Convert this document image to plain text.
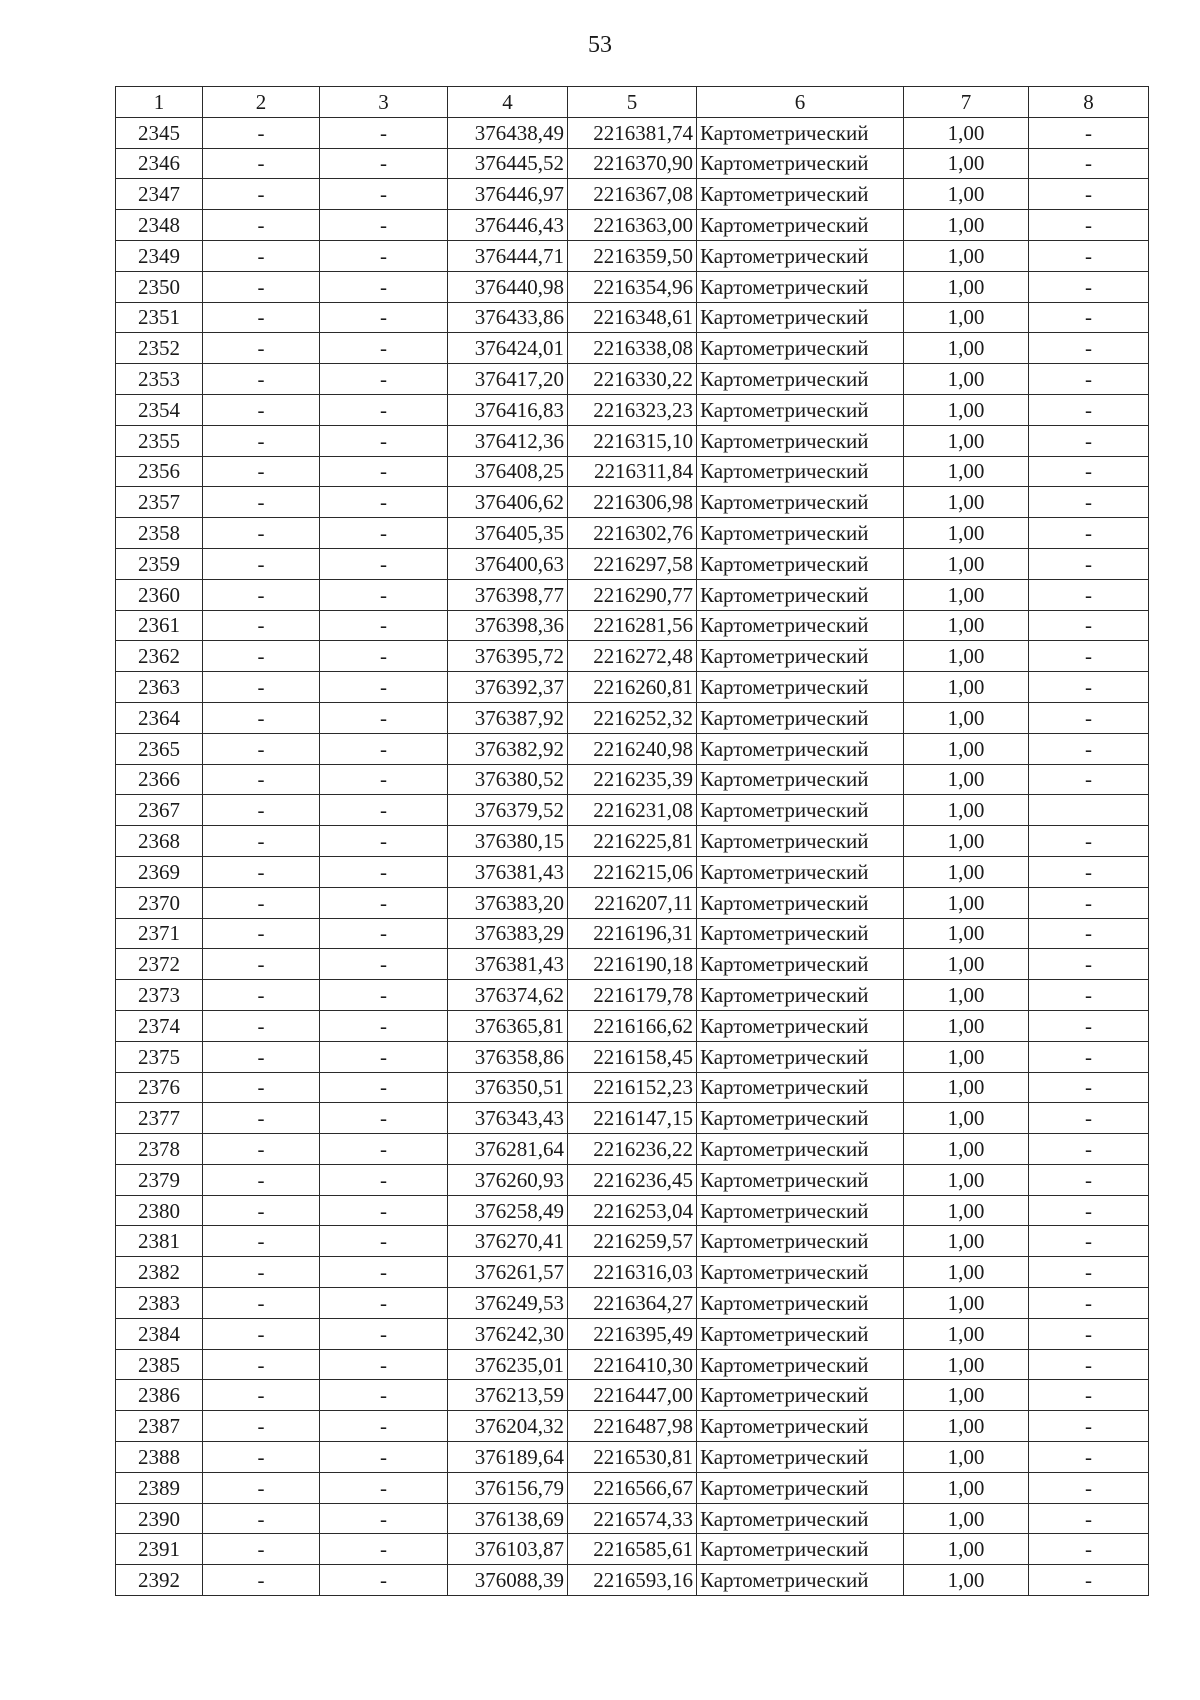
53
1	2	3	4	5	6	7	8
2345	-	-	376438,49	2216381,74	Картометрический	1,00	-
2346	-	-	376445,52	2216370,90	Картометрический	1,00	-
2347	-	-	376446,97	2216367,08	Картометрический	1,00	-
2348	-	-	376446,43	2216363,00	Картометрический	1,00	-
2349	-	-	376444,71	2216359,50	Картометрический	1,00	-
2350	-	-	376440,98	2216354,96	Картометрический	1,00	-
2351	-	-	376433,86	2216348,61	Картометрический	1,00	-
2352	-	-	376424,01	2216338,08	Картометрический	1,00	-
2353	-	-	376417,20	2216330,22	Картометрический	1,00	-
2354	-	-	376416,83	2216323,23	Картометрический	1,00	-
2355	-	-	376412,36	2216315,10	Картометрический	1,00	-
2356	-	-	376408,25	2216311,84	Картометрический	1,00	-
2357	-	-	376406,62	2216306,98	Картометрический	1,00	-
2358	-	-	376405,35	2216302,76	Картометрический	1,00	-
2359	-	-	376400,63	2216297,58	Картометрический	1,00	-
2360	-	-	376398,77	2216290,77	Картометрический	1,00	-
2361	-	-	376398,36	2216281,56	Картометрический	1,00	-
2362	-	-	376395,72	2216272,48	Картометрический	1,00	-
2363	-	-	376392,37	2216260,81	Картометрический	1,00	-
2364	-	-	376387,92	2216252,32	Картометрический	1,00	-
2365	-	-	376382,92	2216240,98	Картометрический	1,00	-
2366	-	-	376380,52	2216235,39	Картометрический	1,00	-
2367	-	-	376379,52	2216231,08	Картометрический	1,00	
2368	-	-	376380,15	2216225,81	Картометрический	1,00	-
2369	-	-	376381,43	2216215,06	Картометрический	1,00	-
2370	-	-	376383,20	2216207,11	Картометрический	1,00	-
2371	-	-	376383,29	2216196,31	Картометрический	1,00	-
2372	-	-	376381,43	2216190,18	Картометрический	1,00	-
2373	-	-	376374,62	2216179,78	Картометрический	1,00	-
2374	-	-	376365,81	2216166,62	Картометрический	1,00	-
2375	-	-	376358,86	2216158,45	Картометрический	1,00	-
2376	-	-	376350,51	2216152,23	Картометрический	1,00	-
2377	-	-	376343,43	2216147,15	Картометрический	1,00	-
2378	-	-	376281,64	2216236,22	Картометрический	1,00	-
2379	-	-	376260,93	2216236,45	Картометрический	1,00	-
2380	-	-	376258,49	2216253,04	Картометрический	1,00	-
2381	-	-	376270,41	2216259,57	Картометрический	1,00	-
2382	-	-	376261,57	2216316,03	Картометрический	1,00	-
2383	-	-	376249,53	2216364,27	Картометрический	1,00	-
2384	-	-	376242,30	2216395,49	Картометрический	1,00	-
2385	-	-	376235,01	2216410,30	Картометрический	1,00	-
2386	-	-	376213,59	2216447,00	Картометрический	1,00	-
2387	-	-	376204,32	2216487,98	Картометрический	1,00	-
2388	-	-	376189,64	2216530,81	Картометрический	1,00	-
2389	-	-	376156,79	2216566,67	Картометрический	1,00	-
2390	-	-	376138,69	2216574,33	Картометрический	1,00	-
2391	-	-	376103,87	2216585,61	Картометрический	1,00	-
2392	-	-	376088,39	2216593,16	Картометрический	1,00	-
